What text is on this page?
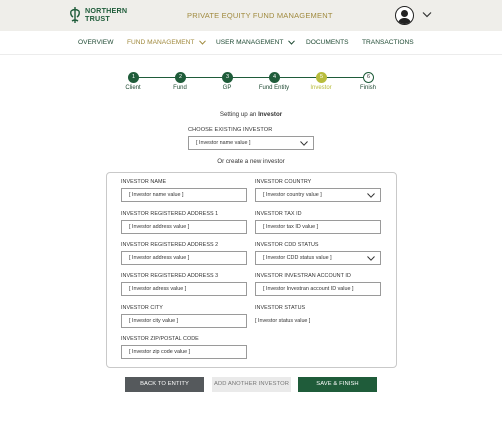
NORTHERN
TRUST	PRIVATE EQUITY FUND MANAGEMENT
OVERVIEW FUND MANAGEMENT	USER MANAGEMENT	DOCUMENTS TRANSACTIONS
1	2	3	4	5	6
Client	Fund	GP	Fund Entity	Investor	Finish
Setting up an Investor
CHOOSE EXISTING INVESTOR
[ Investor name value ]
Or create a new investor
INVESTOR NAME
[ Investor name value ]
INVESTOR REGISTERED ADDRESS 1
[ Investor address value ]
INVESTOR REGISTERED ADDRESS 2
[ Investor address value ]
INVESTOR REGISTERED ADDRESS 3
[ Investor adress value ]
INVESTOR CITY
[ Investor city value ]
INVESTOR ZIP/POSTAL CODE
[ Investor zip code value ]
INVESTOR COUNTRY
[ Investor country value ]
INVESTOR TAX ID
[ Investor tax ID value ]
INVESTOR CDD STATUS
[ Investor CDD status value ]
INVESTOR INVESTRAN ACCOUNT ID
[ Investor Investran account ID value ]
INVESTOR STATUS
[ Investor status value ]
BACK TO ENTITY	ADD ANOTHER INVESTOR	SAVE & FINISH
